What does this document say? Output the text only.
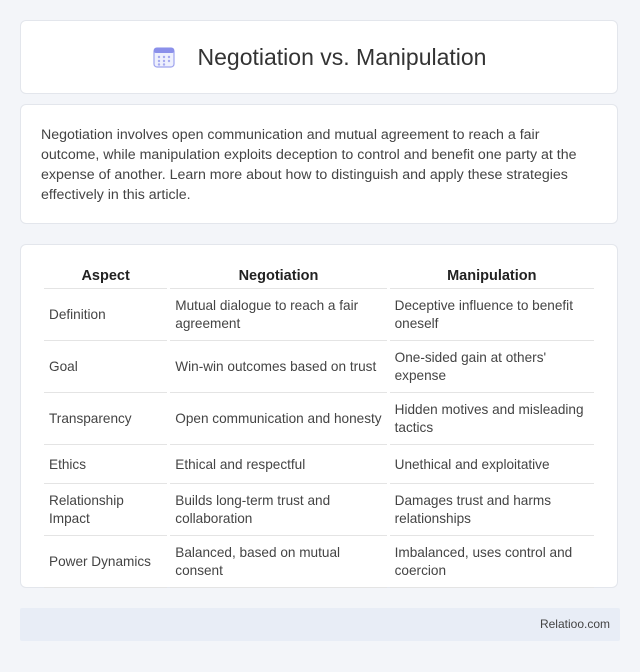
Negotiation vs. Manipulation

Negotiation involves open communication and mutual agreement to reach a fair outcome, while manipulation exploits deception to control and benefit one party at the expense of another. Learn more about how to distinguish and apply these strategies effectively in this article.

Aspect	Negotiation	Manipulation
Definition	Mutual dialogue to reach a fair agreement	Deceptive influence to benefit oneself
Goal	Win-win outcomes based on trust	One-sided gain at others' expense
Transparency	Open communication and honesty	Hidden motives and misleading tactics
Ethics	Ethical and respectful	Unethical and exploitative
Relationship Impact	Builds long-term trust and collaboration	Damages trust and harms relationships
Power Dynamics	Balanced, based on mutual consent	Imbalanced, uses control and coercion
Relatioo.com
